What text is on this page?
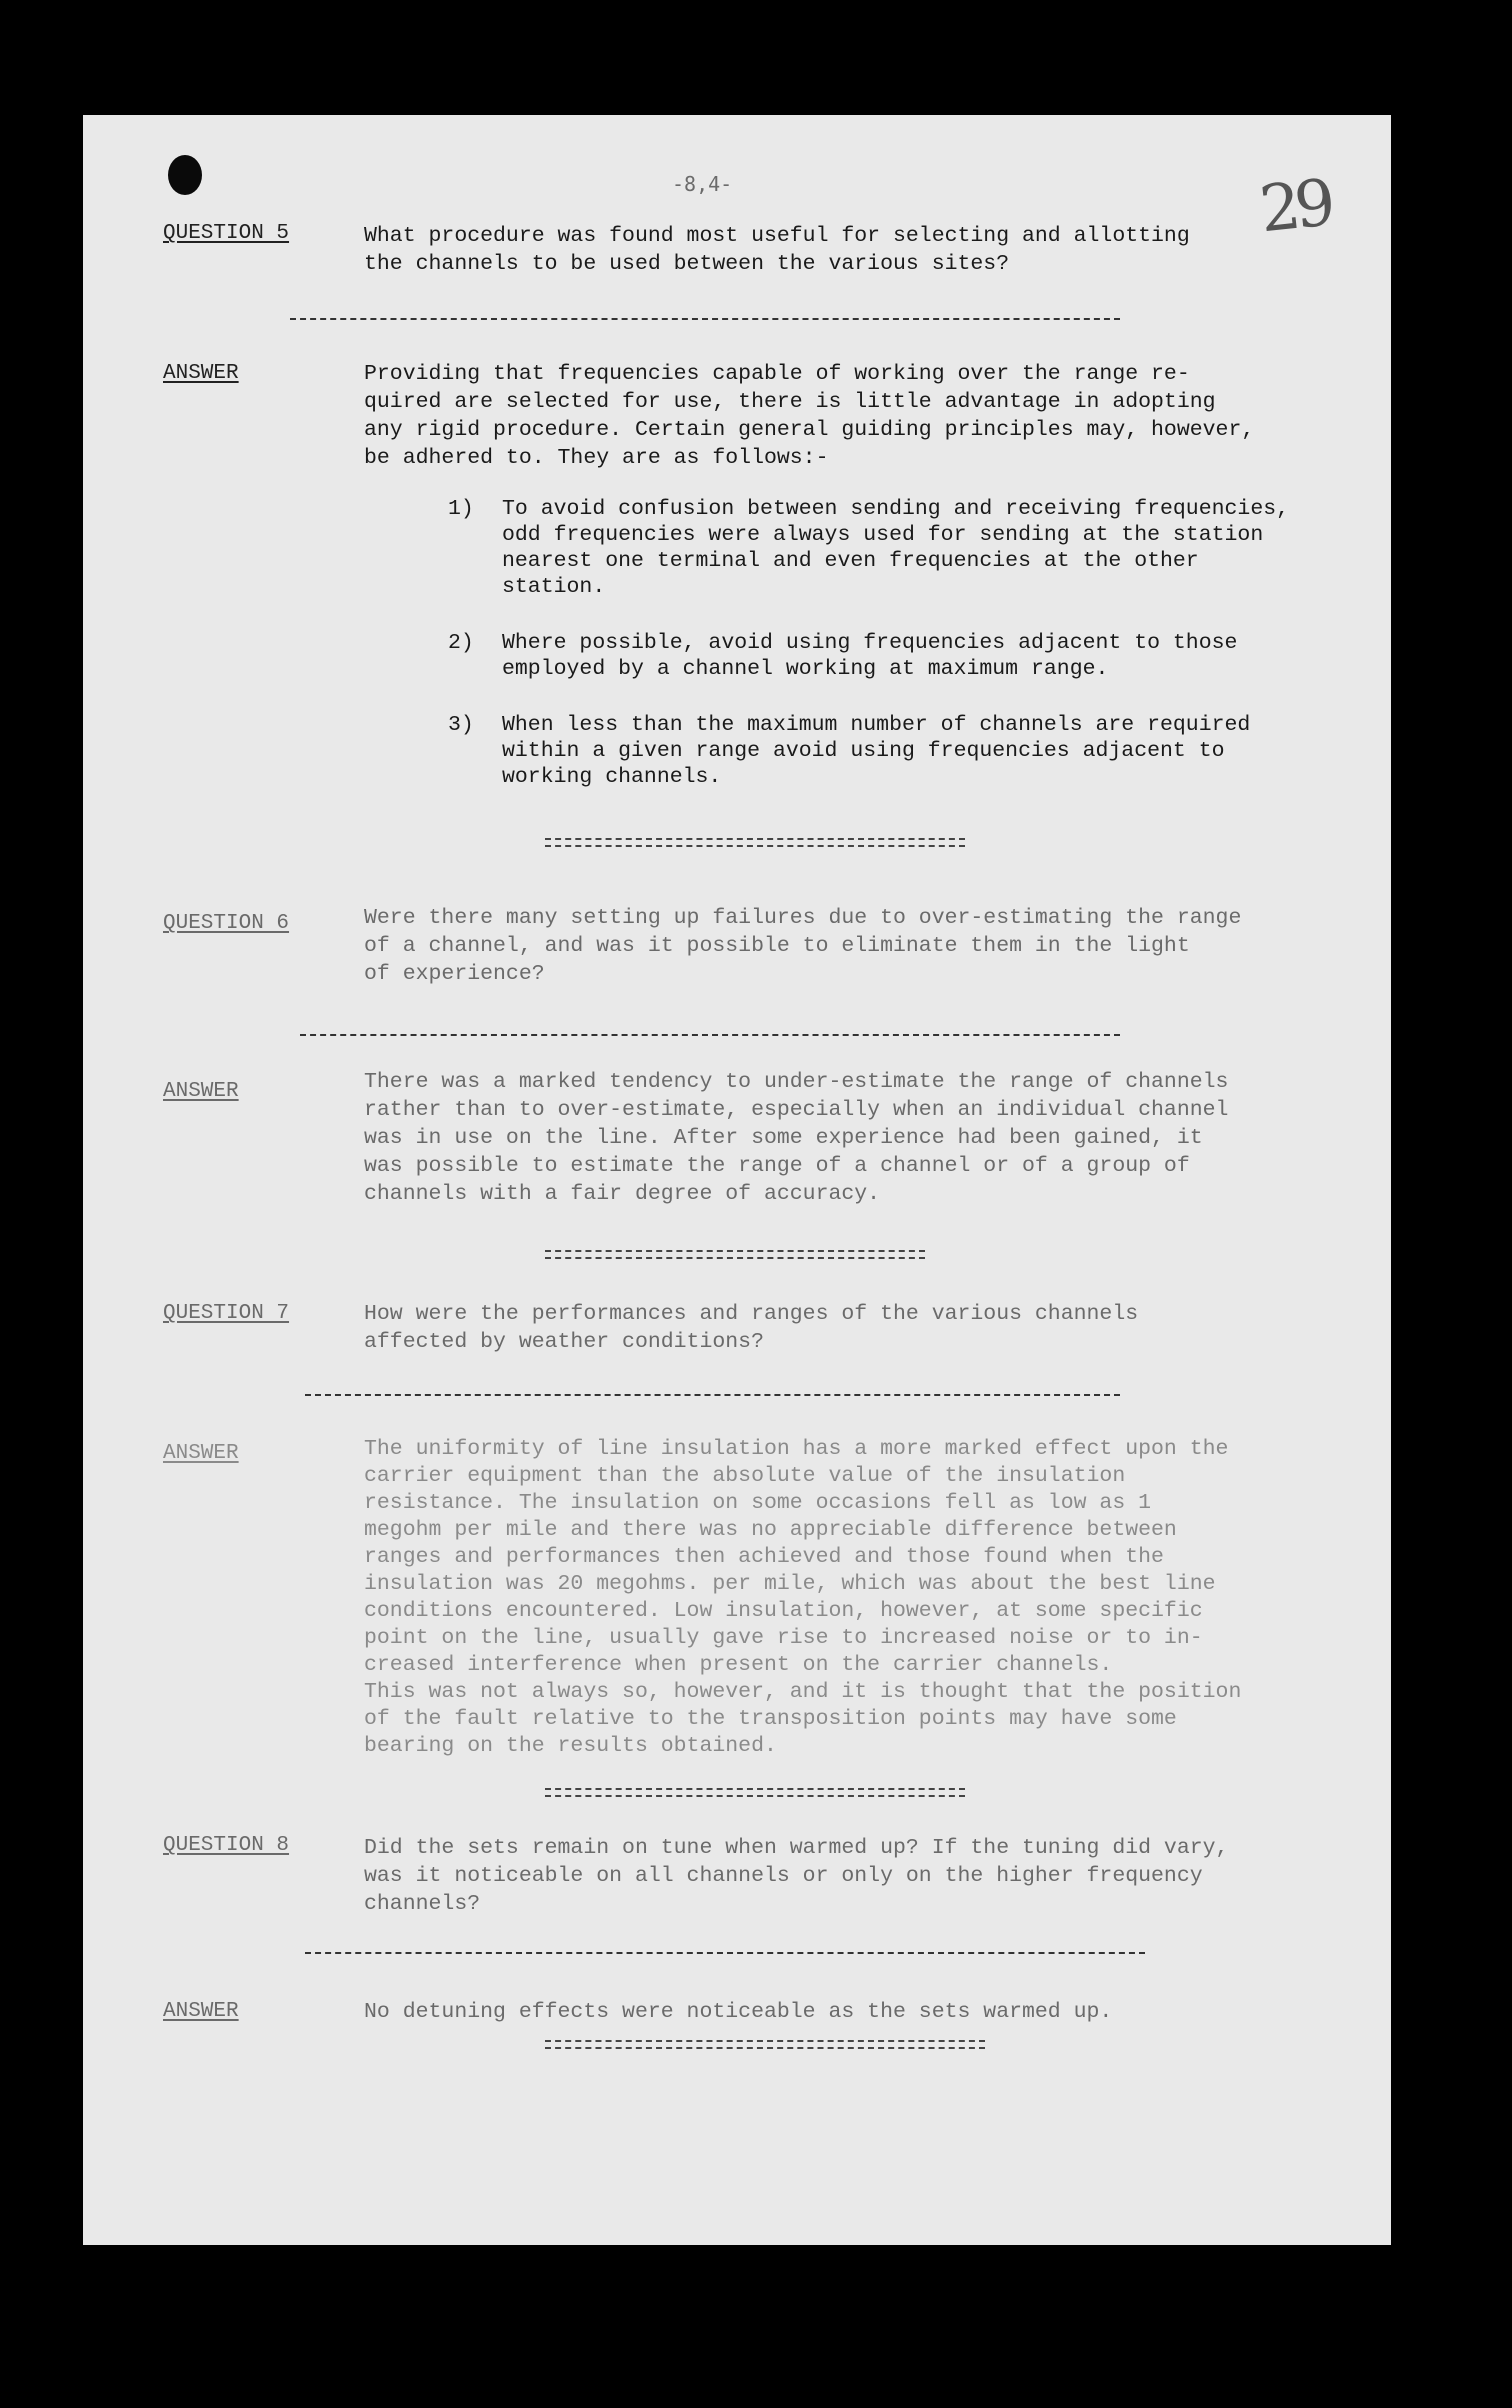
-8,4-	29
QUESTION 5	What procedure was found most useful for selecting and allotting
the channels to be used between the various sites?
ANSWER	Providing that frequencies capable of working over the range re-
quired are selected for use, there is little advantage in adopting
any rigid procedure. Certain general guiding principles may, however,
be adhered to. They are as follows:-
1) To avoid confusion between sending and receiving frequencies,
odd frequencies were always used for sending at the station
nearest one terminal and even frequencies at the other
station.
2) Where possible, avoid using frequencies adjacent to those
employed by a channel working at maximum range.
3) When less than the maximum number of channels are required
within a given range avoid using frequencies adjacent to
working channels.
QUESTION 6	Were there many setting up failures due to over-estimating the range
of a channel, and was it possible to eliminate them in the light
of experience?
ANSWER	There was a marked tendency to under-estimate the range of channels
rather than to over-estimate, especially when an individual channel
was in use on the line. After some experience had been gained, it
was possible to estimate the range of a channel or of a group of
channels with a fair degree of accuracy.
QUESTION 7	How were the performances and ranges of the various channels
affected by weather conditions?
ANSWER	The uniformity of line insulation has a more marked effect upon the
carrier equipment than the absolute value of the insulation
resistance. The insulation on some occasions fell as low as 1
megohm per mile and there was no appreciable difference between
ranges and performances then achieved and those found when the
insulation was 20 megohms. per mile, which was about the best line
conditions encountered. Low insulation, however, at some specific
point on the line, usually gave rise to increased noise or to in-
creased interference when present on the carrier channels.
This was not always so, however, and it is thought that the position
of the fault relative to the transposition points may have some
bearing on the results obtained.
QUESTION 8	Did the sets remain on tune when warmed up? If the tuning did vary,
was it noticeable on all channels or only on the higher frequency
channels?
ANSWER	No detuning effects were noticeable as the sets warmed up.
